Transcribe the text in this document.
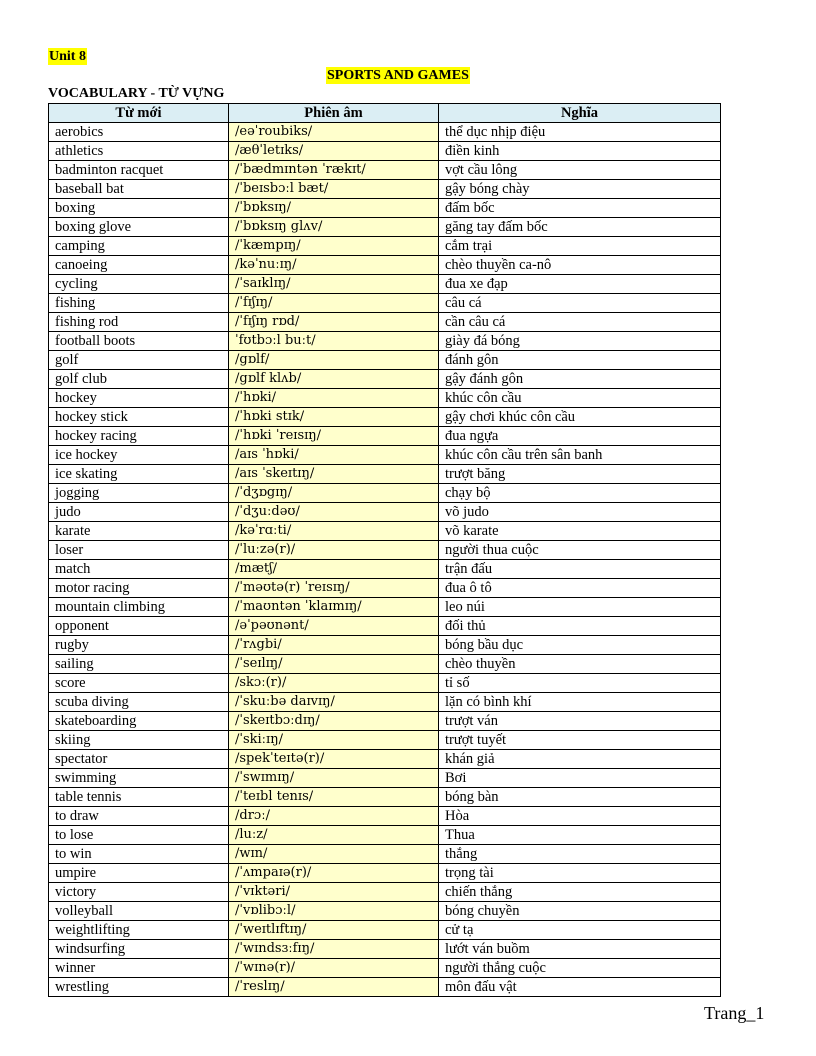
Unit 8
SPORTS AND GAMES
VOCABULARY - TỪ VỰNG
Từ mới	Phiên âm	Nghĩa
aerobics	/eəˈroubiks/	thể dục nhịp điệu
athletics	/æθˈletɪks/	điền kinh
badminton racquet	/ˈbædmɪntən ˈrækɪt/	vợt cầu lông
baseball bat	/ˈbeɪsbɔːl bæt/	gậy bóng chày
boxing	/ˈbɒksɪŋ/	đấm bốc
boxing glove	/ˈbɒksɪŋ glʌv/	găng tay đấm bốc
camping	/ˈkæmpɪŋ/	cắm trại
canoeing	/kəˈnuːɪŋ/	chèo thuyền ca-nô
cycling	/ˈsaɪklɪŋ/	đua xe đạp
fishing	/ˈfɪʃɪŋ/	câu cá
fishing rod	/ˈfɪʃɪŋ rɒd/	cần câu cá
football boots	ˈfʊtbɔːl buːt/	giày đá bóng
golf	/gɒlf/	đánh gôn
golf club	/gɒlf klʌb/	gậy đánh gôn
hockey	/ˈhɒki/	khúc côn cầu
hockey stick	/ˈhɒki stɪk/	gậy chơi khúc côn cầu
hockey racing	/ˈhɒki ˈreɪsɪŋ/	đua ngựa
ice hockey	/aɪs ˈhɒki/	khúc côn cầu trên sân banh
ice skating	/aɪs ˈskeɪtɪŋ/	trượt băng
jogging	/ˈdʒɒgɪŋ/	chạy bộ
judo	/ˈdʒuːdəʊ/	võ judo
karate	/kəˈrɑːti/	võ karate
loser	/ˈluːzə(r)/	người thua cuộc
match	/mætʃ/	trận đấu
motor racing	/ˈməʊtə(r) ˈreɪsɪŋ/	đua ô tô
mountain climbing	/ˈmaʊntən ˈklaɪmɪŋ/	leo núi
opponent	/əˈpəʊnənt/	đối thủ
rugby	/ˈrʌgbi/	bóng bầu dục
sailing	/ˈseɪlɪŋ/	chèo thuyền
score	/skɔː(r)/	tỉ số
scuba diving	/ˈskuːbə daɪvɪŋ/	lặn có bình khí
skateboarding	/ˈskeɪtbɔːdɪŋ/	trượt ván
skiing	/ˈskiːɪŋ/	trượt tuyết
spectator	/spekˈteɪtə(r)/	khán giả
swimming	/ˈswɪmɪŋ/	Bơi
table tennis	/ˈteɪbl tenɪs/	bóng bàn
to draw	/drɔː/	Hòa
to lose	/luːz/	Thua
to win	/wɪn/	thắng
umpire	/ˈʌmpaɪə(r)/	trọng tài
victory	/ˈvɪktəri/	chiến thắng
volleyball	/ˈvɒlibɔːl/	bóng chuyền
weightlifting	/ˈweɪtlɪftɪŋ/	cử tạ
windsurfing	/ˈwɪndsɜːfɪŋ/	lướt ván buồm
winner	/ˈwɪnə(r)/	người thắng cuộc
wrestling	/ˈreslɪŋ/	môn đấu vật
Trang_1
